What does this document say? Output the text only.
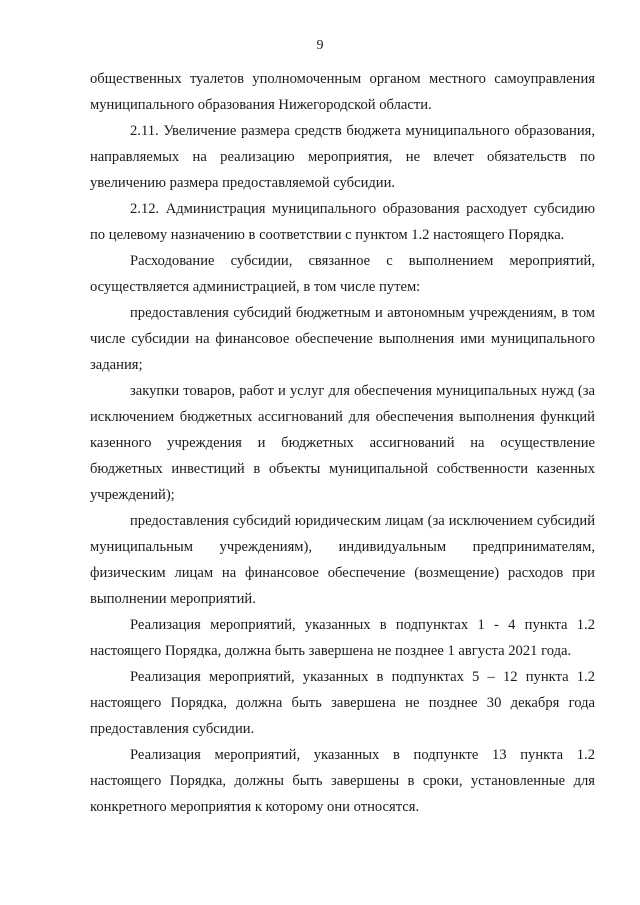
9

общественных туалетов уполномоченным органом местного самоуправления муниципального образования Нижегородской области.

2.11. Увеличение размера средств бюджета муниципального образования, направляемых на реализацию мероприятия, не влечет обязательств по увеличению размера предоставляемой субсидии.

2.12. Администрация муниципального образования расходует субсидию по целевому назначению в соответствии с пунктом 1.2 настоящего Порядка.

Расходование субсидии, связанное с выполнением мероприятий, осуществляется администрацией, в том числе путем:

предоставления субсидий бюджетным и автономным учреждениям, в том числе субсидии на финансовое обеспечение выполнения ими муниципального задания;

закупки товаров, работ и услуг для обеспечения муниципальных нужд (за исключением бюджетных ассигнований для обеспечения выполнения функций казенного учреждения и бюджетных ассигнований на осуществление бюджетных инвестиций в объекты муниципальной собственности казенных учреждений);

предоставления субсидий юридическим лицам (за исключением субсидий муниципальным учреждениям), индивидуальным предпринимателям, физическим лицам на финансовое обеспечение (возмещение) расходов при выполнении мероприятий.

Реализация мероприятий, указанных в подпунктах 1 - 4 пункта 1.2 настоящего Порядка, должна быть завершена не позднее 1 августа 2021 года.

Реализация мероприятий, указанных в подпунктах 5 – 12 пункта 1.2 настоящего Порядка, должна быть завершена не позднее 30 декабря года предоставления субсидии.

Реализация мероприятий, указанных в подпункте 13 пункта 1.2 настоящего Порядка, должны быть завершены в сроки, установленные для конкретного мероприятия к которому они относятся.
